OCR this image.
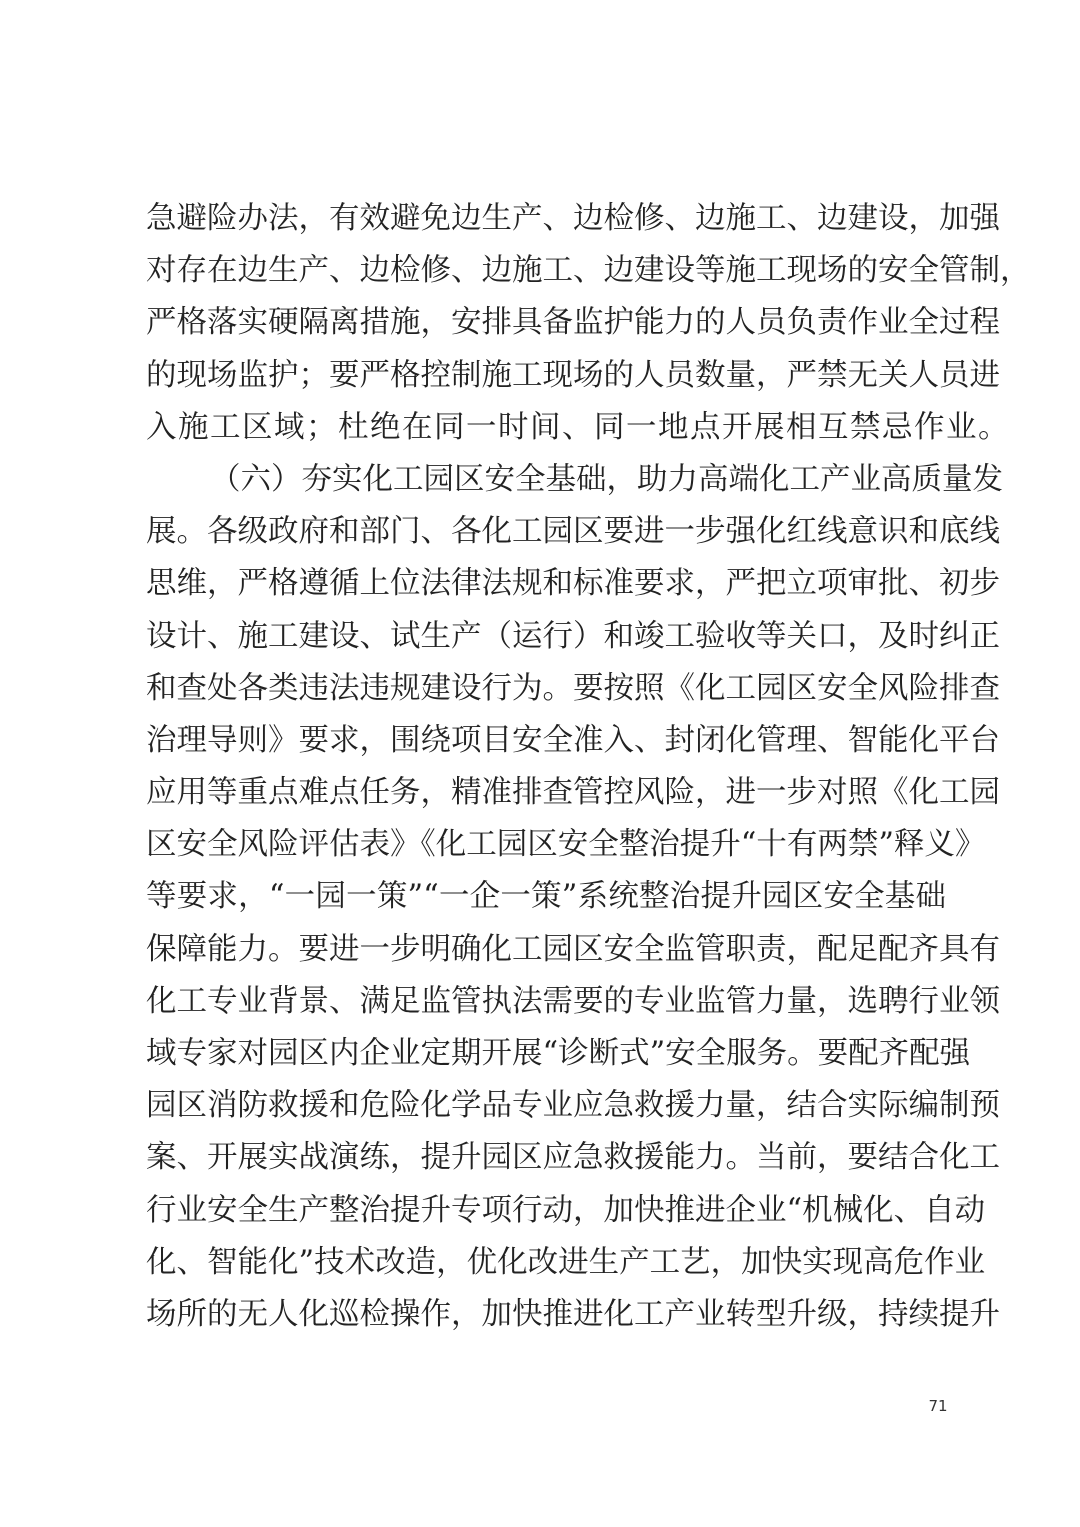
急避险办法，有效避免边生产、边检修、边施工、边建设，加强
对存在边生产、边检修、边施工、边建设等施工现场的安全管制，
严格落实硬隔离措施，安排具备监护能力的人员负责作业全过程
的现场监护；要严格控制施工现场的人员数量，严禁无关人员进
入施工区域；杜绝在同一时间、同一地点开展相互禁忌作业。
（六）夯实化工园区安全基础，助力高端化工产业高质量发
展。各级政府和部门、各化工园区要进一步强化红线意识和底线
思维，严格遵循上位法律法规和标准要求，严把立项审批、初步
设计、施工建设、试生产（运行）和竣工验收等关口，及时纠正
和查处各类违法违规建设行为。要按照《化工园区安全风险排查
治理导则》要求，围绕项目安全准入、封闭化管理、智能化平台
应用等重点难点任务，精准排查管控风险，进一步对照《化工园
区安全风险评估表》《化工园区安全整治提升“十有两禁”释义》
等要求，“一园一策”“一企一策”系统整治提升园区安全基础
保障能力。要进一步明确化工园区安全监管职责，配足配齐具有
化工专业背景、满足监管执法需要的专业监管力量，选聘行业领
域专家对园区内企业定期开展“诊断式”安全服务。要配齐配强
园区消防救援和危险化学品专业应急救援力量，结合实际编制预
案、开展实战演练，提升园区应急救援能力。当前，要结合化工
行业安全生产整治提升专项行动，加快推进企业“机械化、自动
化、智能化”技术改造，优化改进生产工艺，加快实现高危作业
场所的无人化巡检操作，加快推进化工产业转型升级，持续提升
71
